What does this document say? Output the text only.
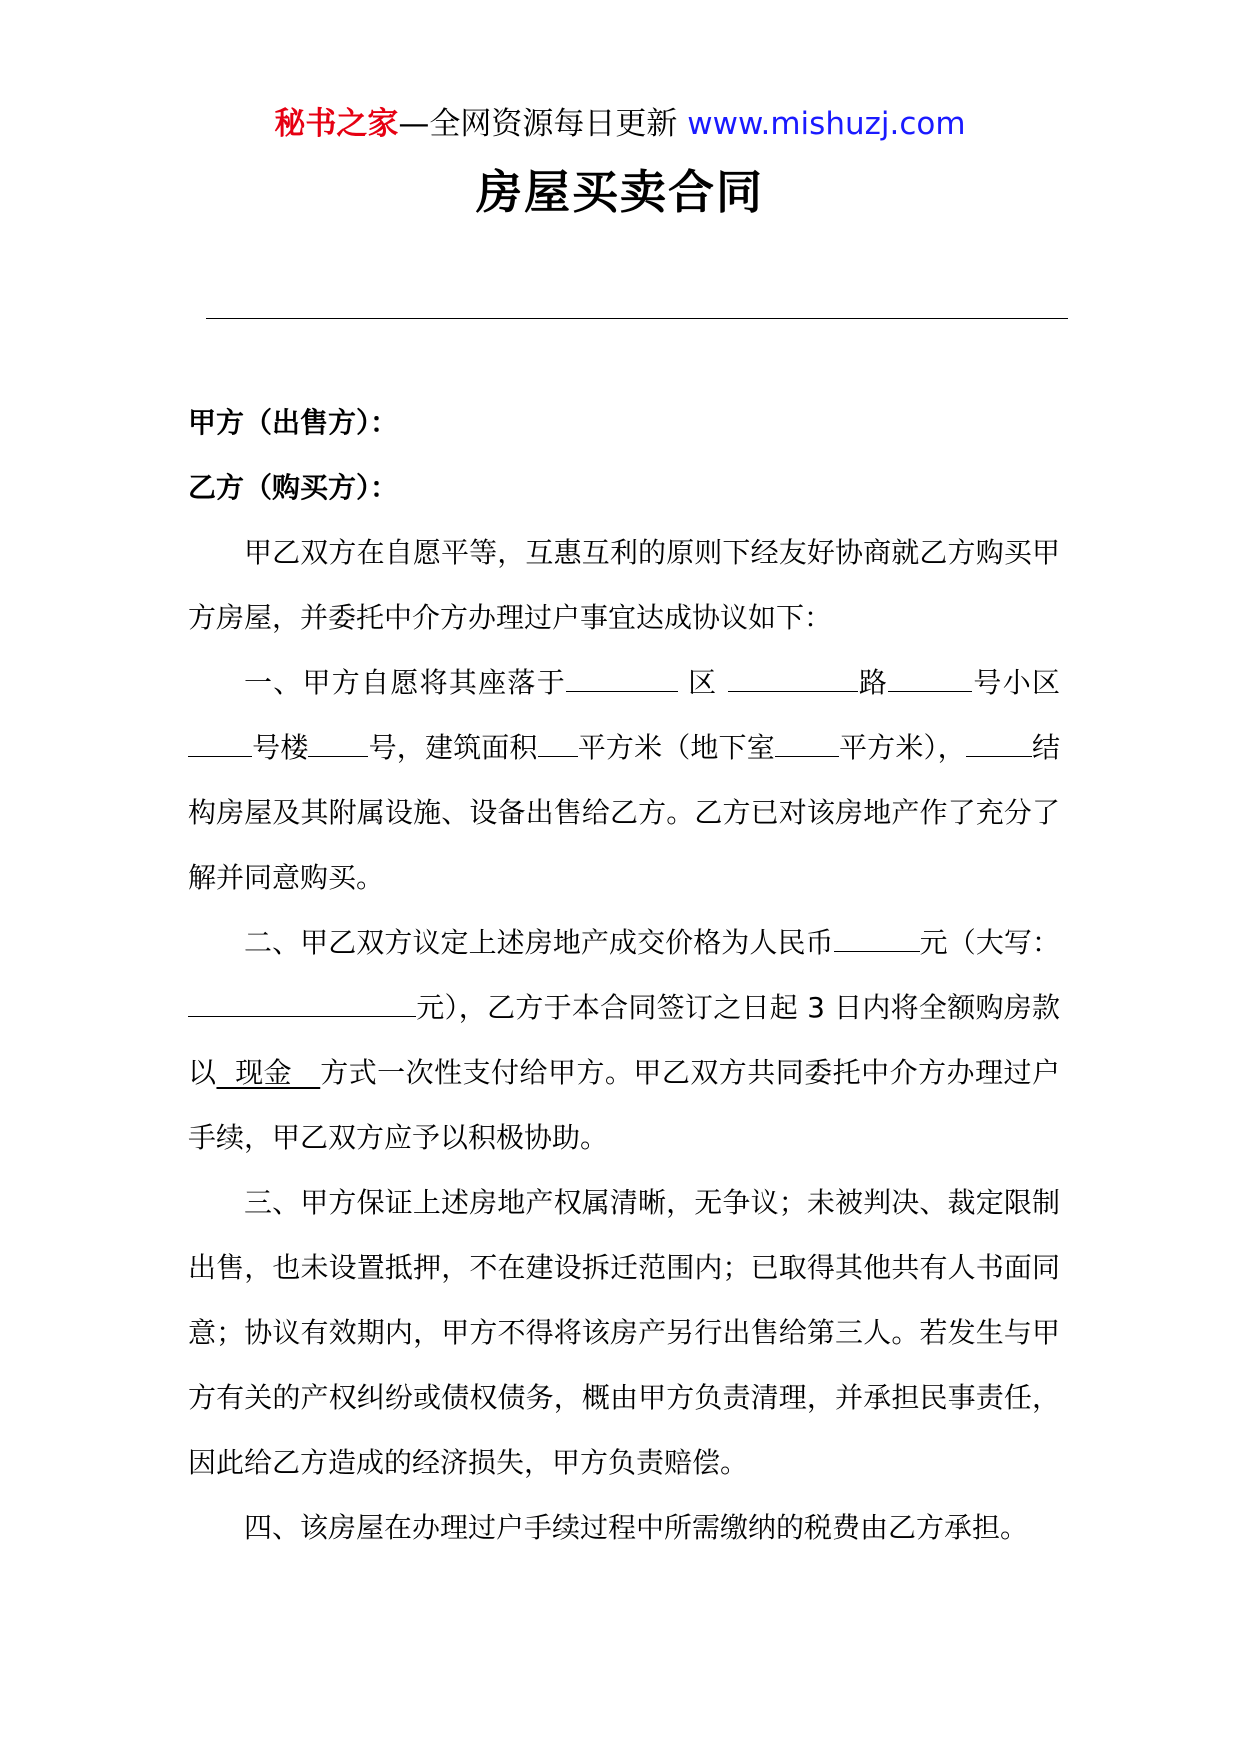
秘书之家—全网资源每日更新 www.mishuzj.com
房屋买卖合同

甲方（出售方）：

乙方（购买方）：

甲乙双方在自愿平等，互惠互利的原则下经友好协商就乙方购买甲方房屋，并委托中介方办理过户事宜达成协议如下：

一、甲方自愿将其座落于	区	路	号小区号楼 号，建筑面积 平方米（地下室 平方米）， 结构房屋及其附属设施、设备出售给乙方。乙方已对该房地产作了充分了解并同意购买。

二、甲乙双方议定上述房地产成交价格为人民币	元（大写：元），乙方于本合同签订之日起 3 日内将全额购房款以  现金   方式一次性支付给甲方。甲乙双方共同委托中介方办理过户手续，甲乙双方应予以积极协助。

三、甲方保证上述房地产权属清晰，无争议；未被判决、裁定限制出售，也未设置抵押，不在建设拆迁范围内；已取得其他共有人书面同意；协议有效期内，甲方不得将该房产另行出售给第三人。若发生与甲方有关的产权纠纷或债权债务，概由甲方负责清理，并承担民事责任，因此给乙方造成的经济损失，甲方负责赔偿。

四、该房屋在办理过户手续过程中所需缴纳的税费由乙方承担。
